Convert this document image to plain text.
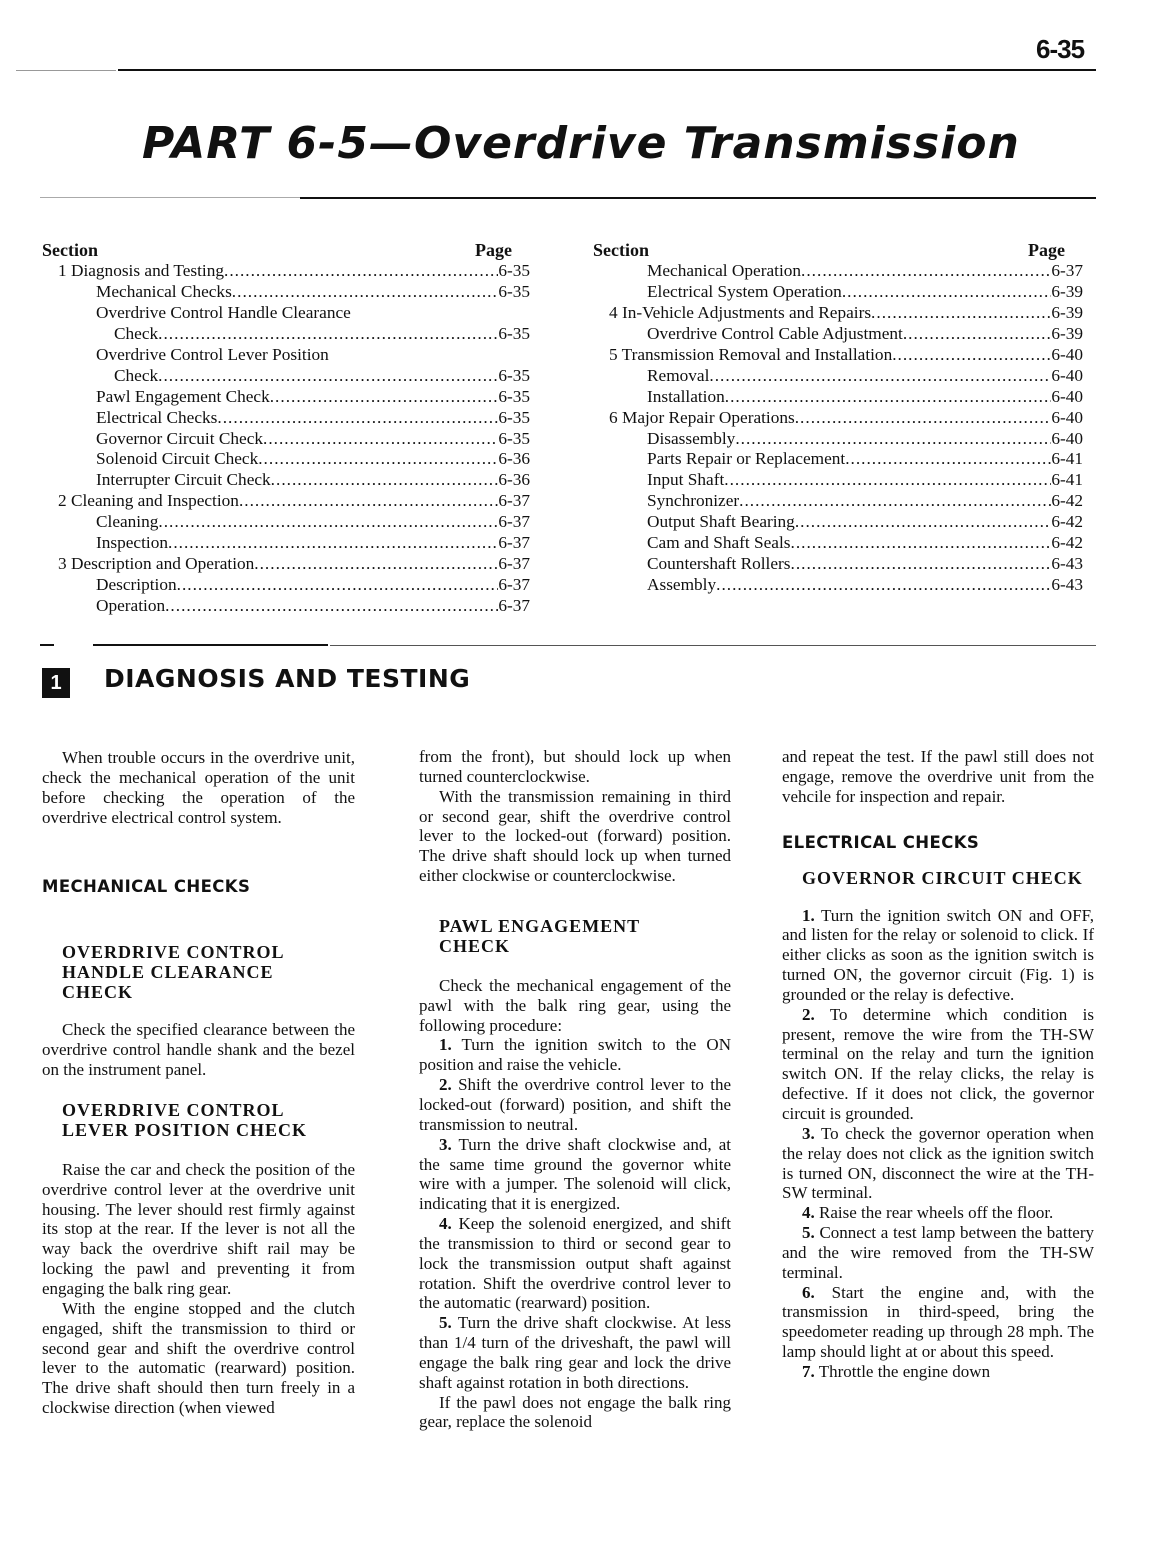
6-35
PART 6-5—Overdrive Transmission
Section	Page
1 Diagnosis and Testing .....	6-35
Mechanical Checks .....	6-35
Overdrive Control Handle Clearance
Check .....	6-35
Overdrive Control Lever Position
Check .....	6-35
Pawl Engagement Check .....	6-35
Electrical Checks .....	6-35
Governor Circuit Check .....	6-35
Solenoid Circuit Check .....	6-36
Interrupter Circuit Check .....	6-36
2 Cleaning and Inspection .....	6-37
Cleaning .....	6-37
Inspection .....	6-37
3 Description and Operation .....	6-37
Description .....	6-37
Operation .....	6-37
Section	Page
Mechanical Operation .....	6-37
Electrical System Operation .....	6-39
4 In-Vehicle Adjustments and Repairs .....	6-39
Overdrive Control Cable Adjustment .....	6-39
5 Transmission Removal and Installation .....	6-40
Removal .....	6-40
Installation .....	6-40
6 Major Repair Operations .....	6-40
Disassembly .....	6-40
Parts Repair or Replacement .....	6-41
Input Shaft .....	6-41
Synchronizer .....	6-42
Output Shaft Bearing .....	6-42
Cam and Shaft Seals .....	6-42
Countershaft Rollers .....	6-43
Assembly .....	6-43
1	DIAGNOSIS AND TESTING

When trouble occurs in the overdrive unit, check the mechanical operation of the unit before checking the operation of the overdrive electrical control system.

MECHANICAL CHECKS
OVERDRIVE CONTROL
HANDLE CLEARANCE
CHECK

Check the specified clearance between the overdrive control handle shank and the bezel on the instrument panel.

OVERDRIVE CONTROL
LEVER POSITION CHECK

Raise the car and check the position of the overdrive control lever at the overdrive unit housing. The lever should rest firmly against its stop at the rear. If the lever is not all the way back the overdrive shift rail may be locking the pawl and preventing it from engaging the balk ring gear.

With the engine stopped and the clutch engaged, shift the transmission to third or second gear and shift the overdrive control lever to the automatic (rearward) position. The drive shaft should then turn freely in a clockwise direction (when viewed

from the front), but should lock up when turned counterclockwise.

With the transmission remaining in third or second gear, shift the overdrive control lever to the locked-out (forward) position. The drive shaft should lock up when turned either clockwise or counterclockwise.

PAWL ENGAGEMENT
CHECK

Check the mechanical engagement of the pawl with the balk ring gear, using the following procedure:

1. Turn the ignition switch to the ON position and raise the vehicle.

2. Shift the overdrive control lever to the locked-out (forward) position, and shift the transmission to neutral.

3. Turn the drive shaft clockwise and, at the same time ground the governor white wire with a jumper. The solenoid will click, indicating that it is energized.

4. Keep the solenoid energized, and shift the transmission to third or second gear to lock the transmission output shaft against rotation. Shift the overdrive control lever to the automatic (rearward) position.

5. Turn the drive shaft clockwise. At less than 1/4 turn of the driveshaft, the pawl will engage the balk ring gear and lock the drive shaft against rotation in both directions.

If the pawl does not engage the balk ring gear, replace the solenoid

and repeat the test. If the pawl still does not engage, remove the overdrive unit from the vehcile for inspection and repair.

ELECTRICAL CHECKS
GOVERNOR CIRCUIT CHECK

1. Turn the ignition switch ON and OFF, and listen for the relay or solenoid to click. If either clicks as soon as the ignition switch is turned ON, the governor circuit (Fig. 1) is grounded or the relay is defective.

2. To determine which condition is present, remove the wire from the TH-SW terminal on the relay and turn the ignition switch ON. If the relay clicks, the relay is defective. If it does not click, the governor circuit is grounded.

3. To check the governor operation when the relay does not click as the ignition switch is turned ON, disconnect the wire at the TH-SW terminal.

4. Raise the rear wheels off the floor.

5. Connect a test lamp between the battery and the wire removed from the TH-SW terminal.

6. Start the engine and, with the transmission in third-speed, bring the speedometer reading up through 28 mph. The lamp should light at or about this speed.

7. Throttle the engine down
